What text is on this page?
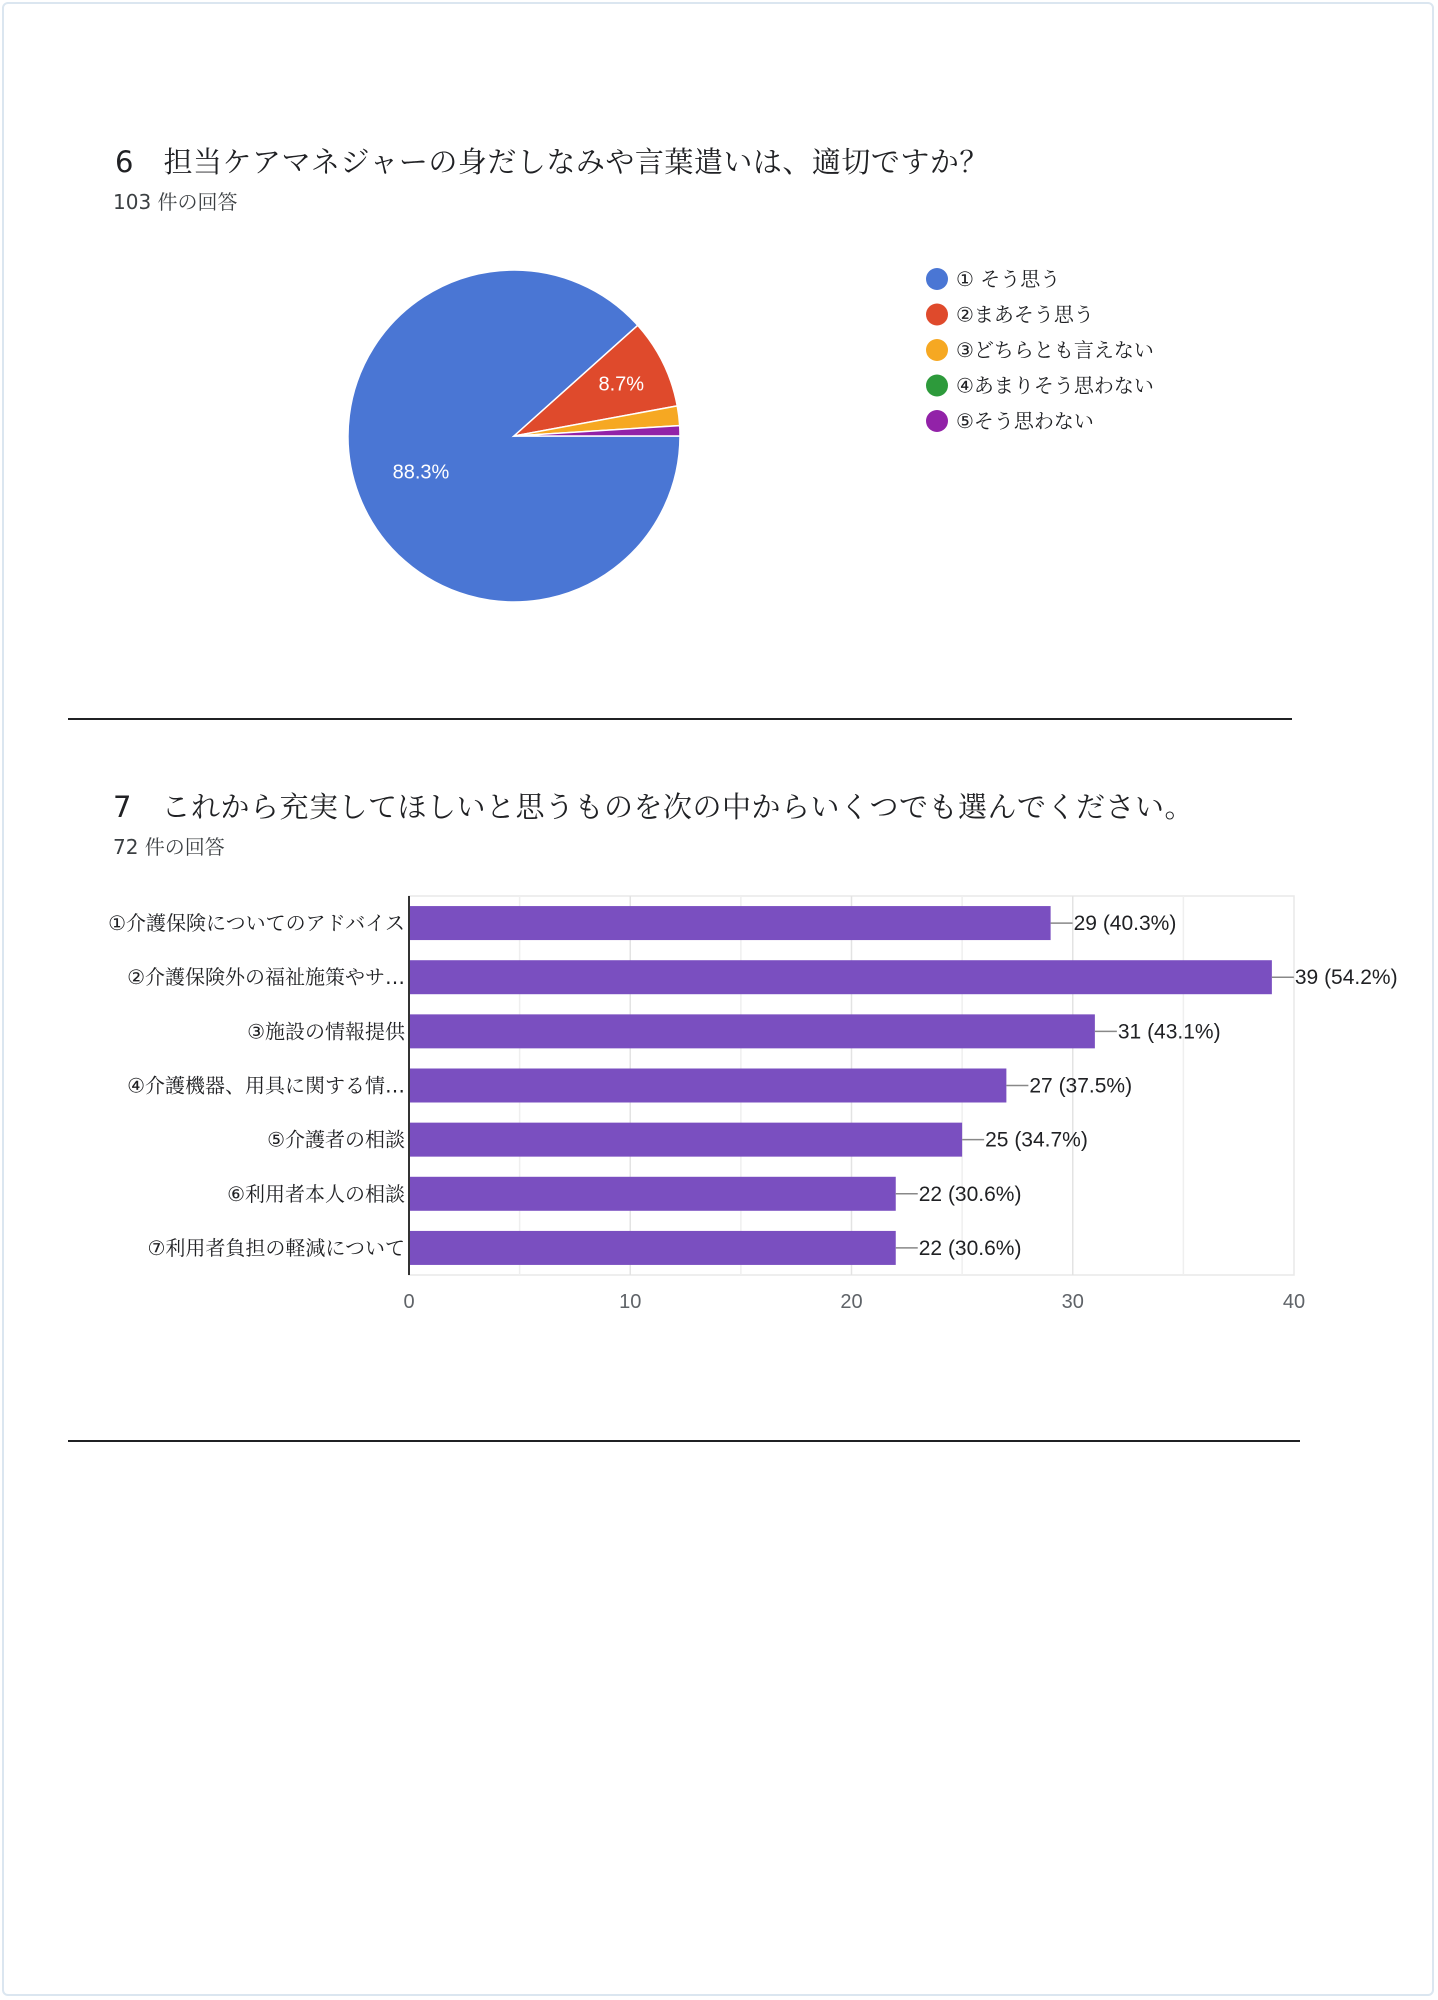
6　担当ケアマネジャーの身だしなみや言葉遣いは、適切ですか？
103 件の回答
88.3%
8.7%
① そう思う
②まあそう思う
③どちらとも言えない
④あまりそう思わない
⑤そう思わない
7　これから充実してほしいと思うものを次の中からいくつでも選んでください。
72 件の回答
0	10	20	30	40
①介護保険についてのアドバイス	29 (40.3%)
②介護保険外の福祉施策やサ…	39 (54.2%)
③施設の情報提供	31 (43.1%)
④介護機器、用具に関する情…	27 (37.5%)
⑤介護者の相談	25 (34.7%)
⑥利用者本人の相談	22 (30.6%)
⑦利用者負担の軽減について	22 (30.6%)
